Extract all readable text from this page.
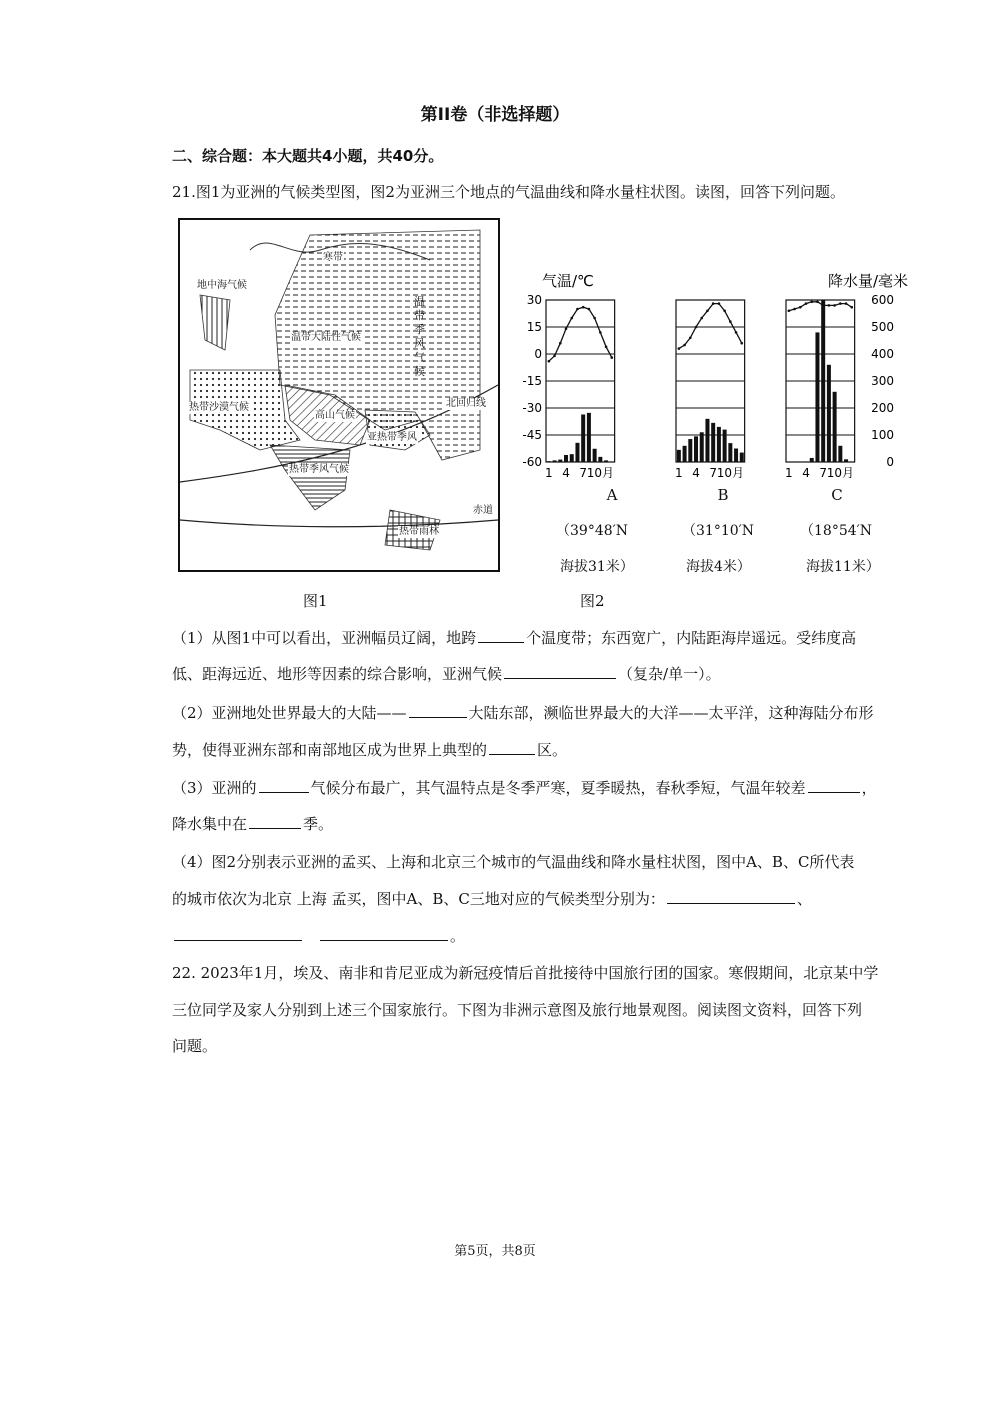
第II卷（非选择题）
二、综合题：本大题共4小题，共40分。
21.图1为亚洲的气候类型图，图2为亚洲三个地点的气温曲线和降水量柱状图。读图，回答下列问题。
地中海气候
温带大陆性气候
高山气候
亚热带季风
热带沙漠气候
热带季风气候
热带雨林
北回归线
赤道
寒带
温
带
季
风
气
候
气温/℃	降水量/毫米
30
15
0
-15
-30
-45
-60
600
500
400
300
200
100
0
1 4 7 10月	1 4 7 10月	1 4 7 10月
图1	图2
A	B	C
（39°48′N	（31°10′N	（18°54′N
海拔31米）	海拔4米）	海拔11米）
（1）从图1中可以看出，亚洲幅员辽阔，地跨	个温度带；东西宽广，内陆距海岸遥远。受纬度高
低、距海远近、地形等因素的综合影响，亚洲气候	（复杂/单一）。
（2）亚洲地处世界最大的大陆——	大陆东部，濒临世界最大的大洋——太平洋，这种海陆分布形
势，使得亚洲东部和南部地区成为世界上典型的	区。
（3）亚洲的	气候分布最广，其气温特点是冬季严寒，夏季暖热，春秋季短，气温年较差	，
降水集中在	季。
（4）图2分别表示亚洲的孟买、上海和北京三个城市的气温曲线和降水量柱状图，图中A、B、C所代表
的城市依次为北京 上海 孟买，图中A、B、C三地对应的气候类型分别为：	、
。
22. 2023年1月，埃及、南非和肯尼亚成为新冠疫情后首批接待中国旅行团的国家。寒假期间，北京某中学
三位同学及家人分别到上述三个国家旅行。下图为非洲示意图及旅行地景观图。阅读图文资料，回答下列
问题。
第5页，共8页
